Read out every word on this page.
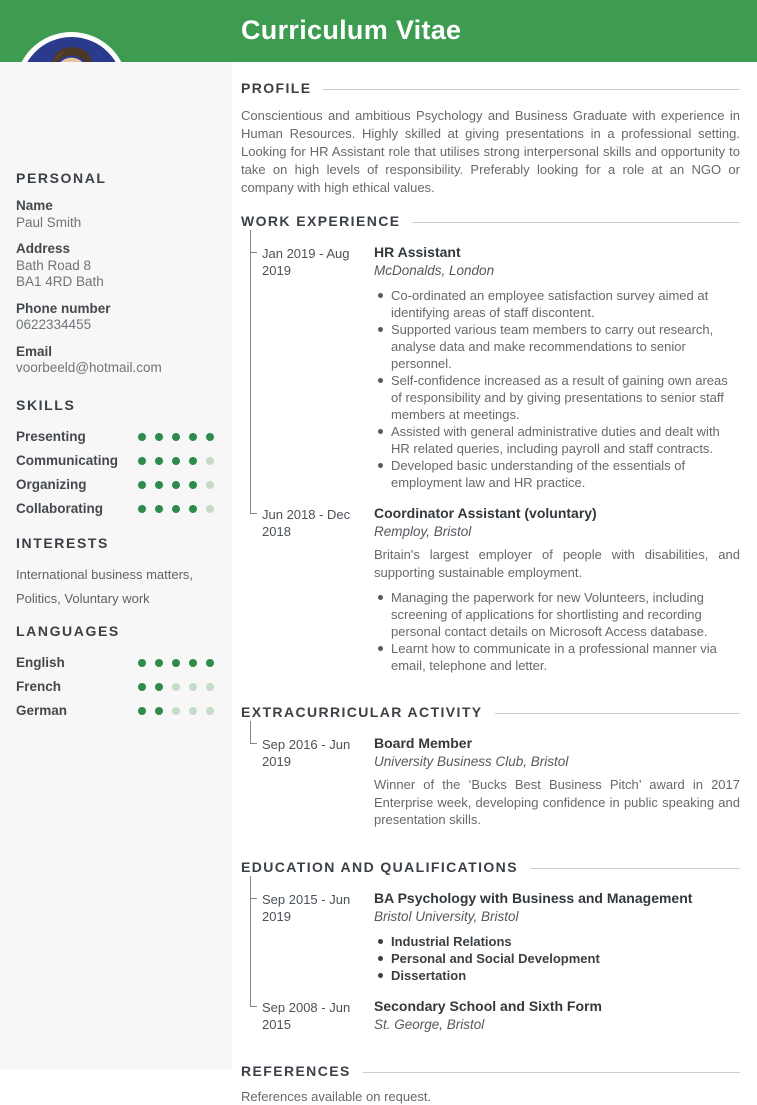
Curriculum Vitae
PERSONAL
Name
Paul Smith
Address
Bath Road 8
BA1 4RD Bath
Phone number
0622334455
Email
voorbeeld@hotmail.com
SKILLS
Presenting
Communicating
Organizing
Collaborating
INTERESTS

International business matters, Politics, Voluntary work

LANGUAGES
English
French
German
PROFILE

Conscientious and ambitious Psychology and Business Graduate with experience in Human Resources. Highly skilled at giving presentations in a professional setting. Looking for HR Assistant role that utilises strong interpersonal skills and opportunity to take on high levels of responsibility. Preferably looking for a role at an NGO or company with high ethical values.

WORK EXPERIENCE
Jan 2019 - Aug 2019
HR Assistant
McDonalds, London
Co-ordinated an employee satisfaction survey aimed at identifying areas of staff discontent.
Supported various team members to carry out research, analyse data and make recommendations to senior personnel.
Self-confidence increased as a result of gaining own areas of responsibility and by giving presentations to senior staff members at meetings.
Assisted with general administrative duties and dealt with HR related queries, including payroll and staff contracts.
Developed basic understanding of the essentials of employment law and HR practice.
Jun 2018 - Dec 2018
Coordinator Assistant (voluntary)
Remploy, Bristol

Britain's largest employer of people with disabilities, and supporting sustainable employment.

Managing the paperwork for new Volunteers, including screening of applications for shortlisting and recording personal contact details on Microsoft Access database.
Learnt how to communicate in a professional manner via email, telephone and letter.
EXTRACURRICULAR ACTIVITY
Sep 2016 - Jun 2019
Board Member
University Business Club, Bristol

Winner of the ‘Bucks Best Business Pitch’ award in 2017 Enterprise week, developing confidence in public speaking and presentation skills.

EDUCATION AND QUALIFICATIONS
Sep 2015 - Jun 2019
BA Psychology with Business and Management
Bristol University, Bristol
Industrial Relations
Personal and Social Development
Dissertation
Sep 2008 - Jun 2015
Secondary School and Sixth Form
St. George, Bristol
REFERENCES

References available on request.
